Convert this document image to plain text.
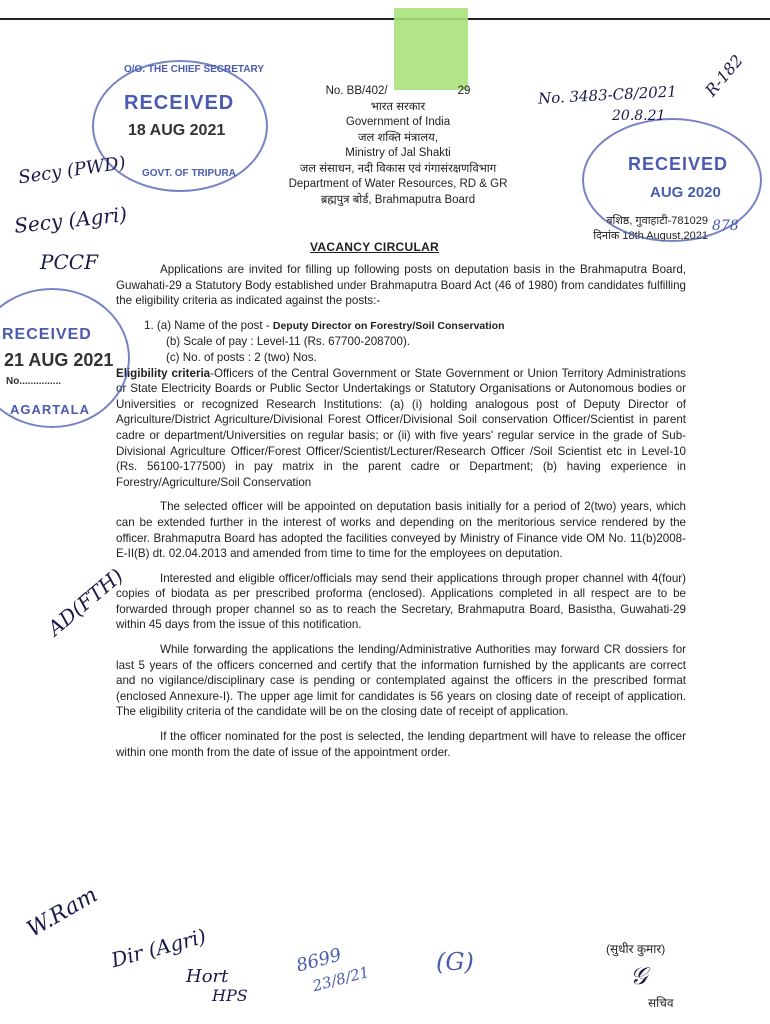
No. BB/402/	29
भारत सरकार
Government of India
जल शक्ति मंत्रालय,
Ministry of Jal Shakti
जल संसाधन, नदी विकास एवं गंगासंरक्षणविभाग
Department of Water Resources, RD & GR
ब्रह्मपुत्र बोर्ड, Brahmaputra Board
बशिष्ठ, गुवाहाटी-781029
दिनांक 18th August,2021
VACANCY CIRCULAR

Applications are invited for filling up following posts on deputation basis in the Brahmaputra Board, Guwahati-29 a Statutory Body established under Brahmaputra Board Act (46 of 1980) from candidates fulfilling the eligibility criteria as indicated against the posts:-

1. (a) Name of the post - Deputy Director on Forestry/Soil Conservation
(b) Scale of pay : Level-11 (Rs. 67700-208700).
(c) No. of posts : 2 (two) Nos.
Eligibility criteria-Officers of the Central Government or State Government or Union Territory Administrations or State Electricity Boards or Public Sector Undertakings or Statutory Organisations or Autonomous bodies or Universities or recognized Research Institutions: (a) (i) holding analogous post of Deputy Director of Agriculture/District Agriculture/Divisional Forest Officer/Divisional Soil conservation Officer/Scientist in parent cadre or department/Universities on regular basis; or (ii) with five years' regular service in the grade of Sub-Divisional Agriculture Officer/Forest Officer/Scientist/Lecturer/Research Officer /Soil Scientist etc in Level-10 (Rs. 56100-177500) in pay matrix in the parent cadre or Department; (b) having experience in Forestry/Agriculture/Soil Conservation

The selected officer will be appointed on deputation basis initially for a period of 2(two) years, which can be extended further in the interest of works and depending on the meritorious service rendered by the officer. Brahmaputra Board has adopted the facilities conveyed by Ministry of Finance vide OM No. 11(b)2008-E-II(B) dt. 02.04.2013 and amended from time to time for the employees on deputation.

Interested and eligible officer/officials may send their applications through proper channel with 4(four) copies of biodata as per prescribed proforma (enclosed). Applications completed in all respect are to be forwarded through proper channel so as to reach the Secretary, Brahmaputra Board, Basistha, Guwahati-29 within 45 days from the issue of this notification.

While forwarding the applications the lending/Administrative Authorities may forward CR dossiers for last 5 years of the officers concerned and certify that the information furnished by the applicants are correct and no vigilance/disciplinary case is pending or contemplated against the officers in the prescribed format (enclosed Annexure-I). The upper age limit for candidates is 56 years on closing date of receipt of application. The eligibility criteria of the candidate will be on the closing date of receipt of application.

If the officer nominated for the post is selected, the lending department will have to release the officer within one month from the date of issue of the appointment order.

(सुधीर कुमार)
𝒢
सचिव
O/O. THE CHIEF SECRETARY
RECEIVED
18 AUG 2021
GOVT. OF TRIPURA	RECEIVED
AUG 2020
RECEIVED
21 AUG 2021
No...............
AGARTALA
No. 3483-C8/2021
20.8.21
R-182
Secy (PWD)
Secy (Agri)
PCCF
AD(FTH)
W.Ram
Dir (Agri)
Hort
HPS
8699
23/8/21
(G)
878
